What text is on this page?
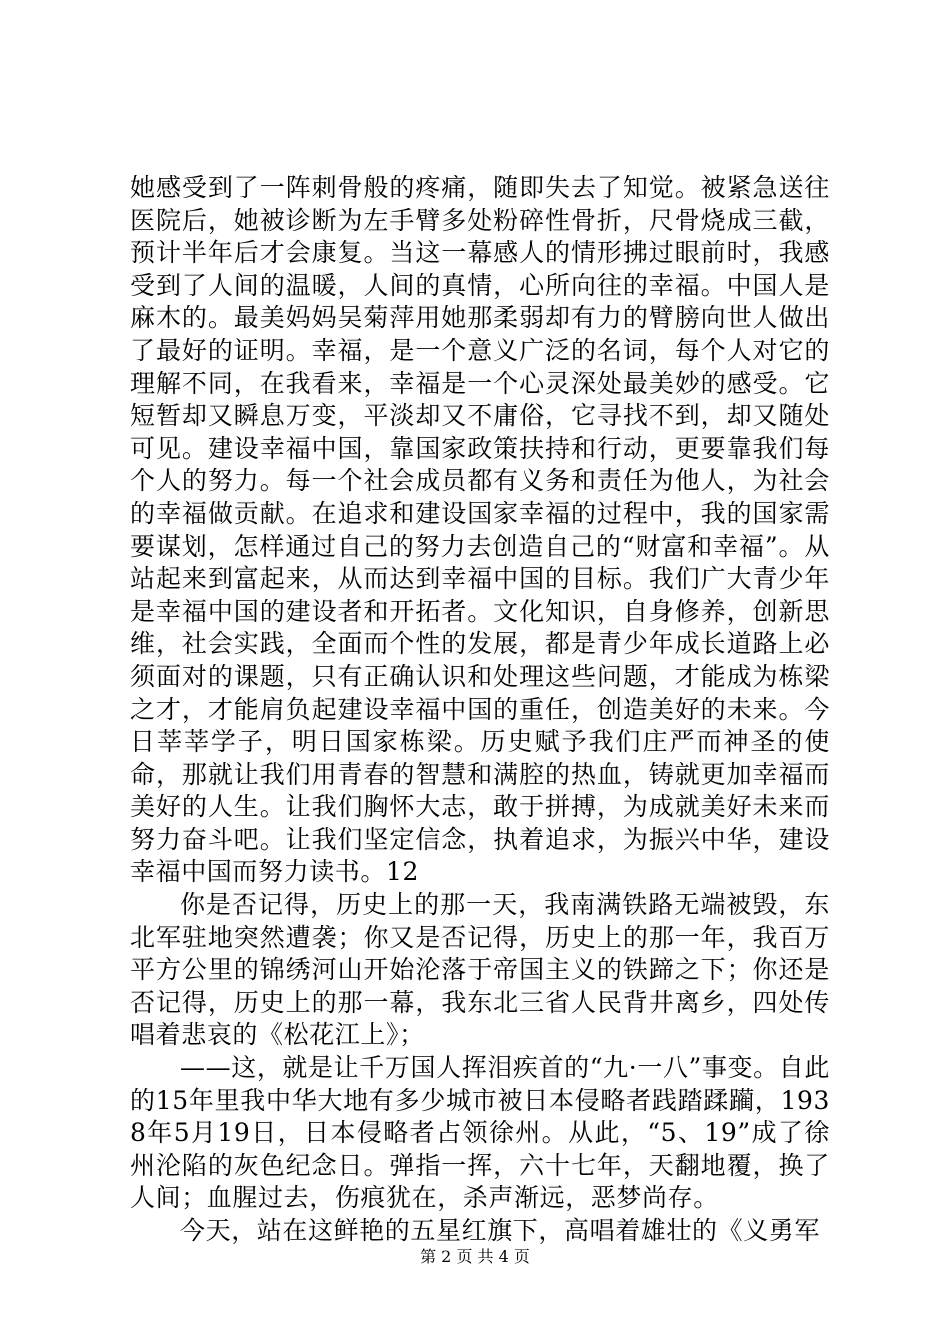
她感受到了一阵刺骨般的疼痛，随即失去了知觉。被紧急送往医院后，她被诊断为左手臂多处粉碎性骨折，尺骨烧成三截，预计半年后才会康复。当这一幕感人的情形拂过眼前时，我感受到了人间的温暖，人间的真情，心所向往的幸福。中国人是麻木的。最美妈妈吴菊萍用她那柔弱却有力的臂膀向世人做出了最好的证明。幸福，是一个意义广泛的名词，每个人对它的理解不同，在我看来，幸福是一个心灵深处最美妙的感受。它短暂却又瞬息万变，平淡却又不庸俗，它寻找不到，却又随处可见。建设幸福中国，靠国家政策扶持和行动，更要靠我们每个人的努力。每一个社会成员都有义务和责任为他人，为社会的幸福做贡献。在追求和建设国家幸福的过程中，我的国家需要谋划，怎样通过自己的努力去创造自己的“财富和幸福”。从站起来到富起来，从而达到幸福中国的目标。我们广大青少年是幸福中国的建设者和开拓者。文化知识，自身修养，创新思维，社会实践，全面而个性的发展，都是青少年成长道路上必须面对的课题，只有正确认识和处理这些问题，才能成为栋梁之才，才能肩负起建设幸福中国的重任，创造美好的未来。今日莘莘学子，明日国家栋梁。历史赋予我们庄严而神圣的使命，那就让我们用青春的智慧和满腔的热血，铸就更加幸福而美好的人生。让我们胸怀大志，敢于拼搏，为成就美好未来而努力奋斗吧。让我们坚定信念，执着追求，为振兴中华，建设幸福中国而努力读书。12

你是否记得，历史上的那一天，我南满铁路无端被毁，东北军驻地突然遭袭；你又是否记得，历史上的那一年，我百万平方公里的锦绣河山开始沦落于帝国主义的铁蹄之下；你还是否记得，历史上的那一幕，我东北三省人民背井离乡，四处传唱着悲哀的《松花江上》；

——这，就是让千万国人挥泪疾首的“九·一八”事变。自此的15年里我中华大地有多少城市被日本侵略者践踏蹂躏，1938年5月19日，日本侵略者占领徐州。从此，“5、19”成了徐州沦陷的灰色纪念日。弹指一挥，六十七年，天翻地覆，换了人间；血腥过去，伤痕犹在，杀声渐远，恶梦尚存。

今天，站在这鲜艳的五星红旗下，高唱着雄壮的《义勇军

第 2 页 共 4 页
